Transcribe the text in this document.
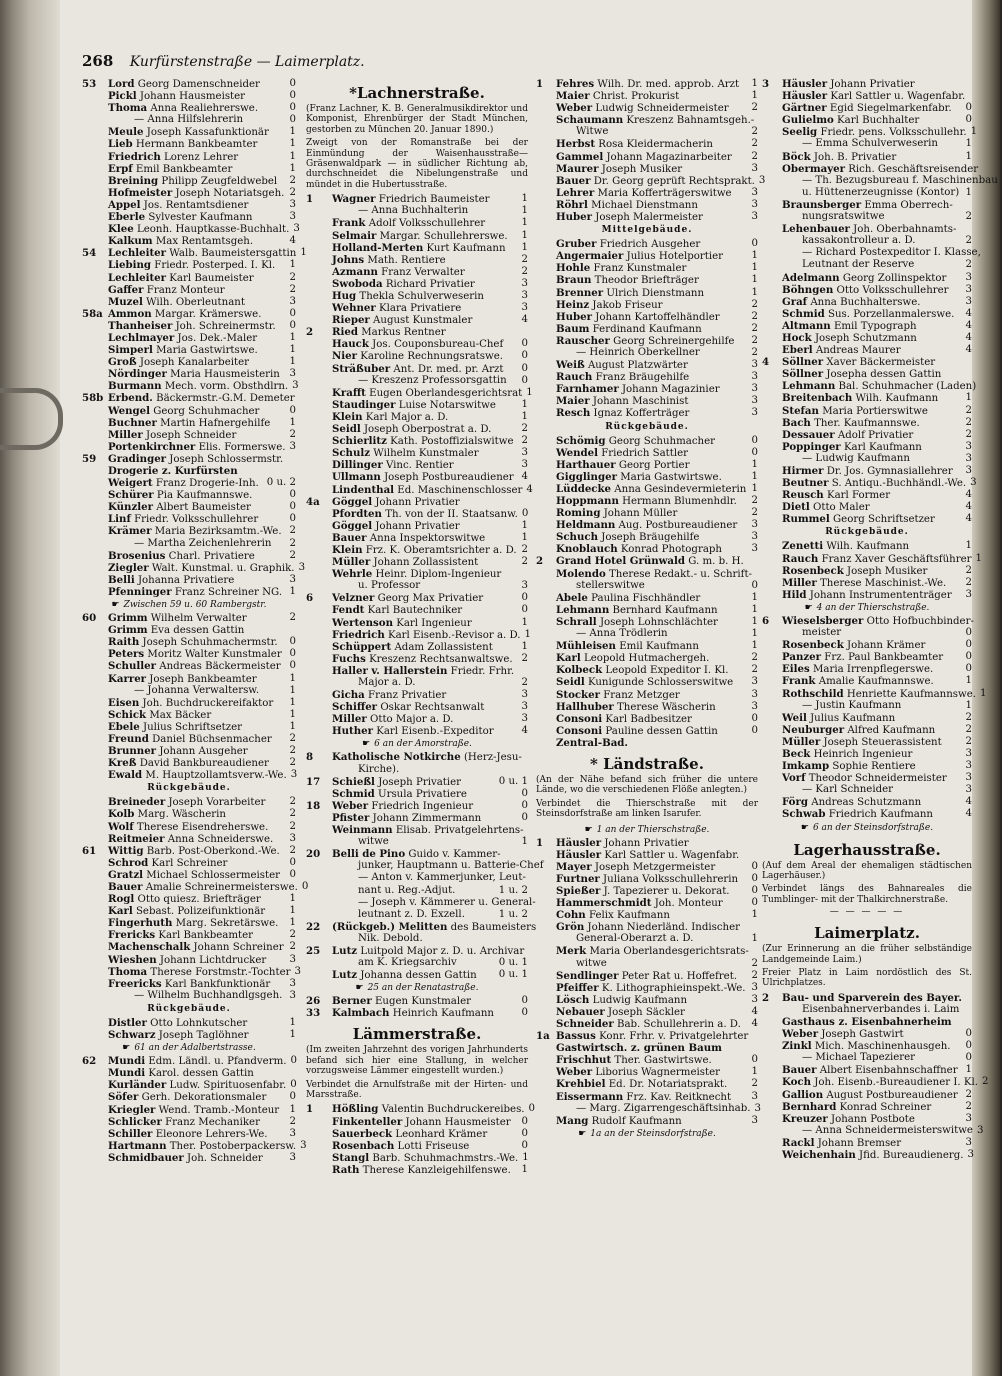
268 Kurfürstenstraße — Laimerplatz.
53	Lord Georg Damenschneider	0
Pickl Johann Hausmeister	0
Thoma Anna Realiehrerswe.	0
— Anna Hilfslehrerin	0
Meule Joseph Kassafunktionär	1
Lieb Hermann Bankbeamter	1
Friedrich Lorenz Lehrer	1
Erpf Emil Bankbeamter	1
Breining Philipp Zeugfeldwebel	2
Hofmeister Joseph Notariatsgeh. 2
Appel Jos. Rentamtsdiener	3
Eberle Sylvester Kaufmann	3
Klee Leonh. Hauptkasse-Buchhalt. 3
Kalkum Max Rentamtsgeh.	4
54	Lechleiter Walb. Baumeistersgattin 1
Liebing Friedr. Posterped. I. Kl.	1
Lechleiter Karl Baumeister	2
Gaffer Franz Monteur	2
Muzel Wilh. Oberleutnant	3
58a Ammon Margar. Krämerswe.	0
Thanheiser Joh. Schreinermstr.	0
Lechlmayer Jos. Dek.-Maler	1
Simperl Maria Gastwirtswe.	1
Groß Joseph Kanalarbeiter	1
Nördinger Maria Hausmeisterin 3
Burmann Mech. vorm. Obsthdlrn. 3
58b Erbend. Bäckermstr.-G.M. Demeter
Wengel Georg Schuhmacher	0
Buchner Martin Hafnergehilfe	1
Miller Joseph Schneider	2
Portenkirchner Elis. Formerswe. 3
59	Gradinger Joseph Schlossermstr.
Drogerie z. Kurfürsten
Weigert Franz Drogerie-Inh. 0 u. 2
Schürer Pia Kaufmannswe.	0
Künzler Albert Baumeister	0
Linf Friedr. Volksschullehrer	0
Krämer Maria Bezirksamtm.-We. 2
— Martha Zeichenlehrerin	2
Brosenius Charl. Privatiere	2
Ziegler Walt. Kunstmal. u. Graphik. 3
Belli Johanna Privatiere	3
Pfenninger Franz Schreiner NG. 1
☛ Zwischen 59 u. 60 Rambergstr.
60	Grimm Wilhelm Verwalter	2
Grimm Eva dessen Gattin
Raith Joseph Schuhmachermstr.	0
Peters Moritz Walter Kunstmaler 0
Schuller Andreas Bäckermeister 0
Karrer Joseph Bankbeamter	1
— Johanna Verwaltersw.	1
Eisen Joh. Buchdruckereifaktor	1
Schick Max Bäcker	1
Ebele Julius Schriftsetzer	1
Freund Daniel Büchsenmacher	2
Brunner Johann Ausgeher	2
Kreß David Bankbureaudiener	2
Ewald M. Hauptzollamtsverw.-We. 3
Rückgebäude.
Breineder Joseph Vorarbeiter	2
Kolb Marg. Wäscherin	2
Wolf Therese Eisendreherswe.	2
Reitmeier Anna Schneiderswe.	3
61	Wittig Barb. Post-Oberkond.-We. 2
Schrod Karl Schreiner	0
Gratzl Michael Schlossermeister 0
Bauer Amalie Schreinermeisterswe. 0
Rogl Otto quiesz. Briefträger	1
Karl Sebast. Polizeifunktionär	1
Fingerhuth Marg. Sekretärswe.	1
Frericks Karl Bankbeamter	2
Machenschalk Johann Schreiner 2
Wieshen Johann Lichtdrucker	3
Thoma Therese Forstmstr.-Tochter 3
Freericks Karl Bankfunktionär	3
— Wilhelm Buchhandlgsgeh. 3
Rückgebäude.
Distler Otto Lohnkutscher	1
Schwarz Joseph Taglöhner	1
☛ 61 an der Adalbertstrasse.
62	Mundi Edm. Ländl. u. Pfandverm. 0
Mundi Karol. dessen Gattin
Kurländer Ludw. Spirituosenfabr. 0
Söfer Gerh. Dekorationsmaler	0
Kriegler Wend. Tramb.-Monteur	1
Schlicker Franz Mechaniker	2
Schiller Eleonore Lehrers-We.	3
Hartmann Ther. Postoberpackersw. 3
Schmidbauer Joh. Schneider	3
*Lachnerstraße.
(Franz Lachner, K. B. Generalmusikdirektor und Komponist, Ehrenbürger der Stadt München, gestorben zu München 20. Januar 1890.)
Zweigt von der Romanstraße bei der Einmündung der Waisenhausstraße—Gräsenwaldpark — in südlicher Richtung ab, durchschneidet die Nibelungenstraße und mündet in die Hubertusstraße.
1	Wagner Friedrich Baumeister	1
— Anna Buchhalterin	1
Frank Adolf Volksschullehrer	1
Selmair Margar. Schullehrerswe.	1
Holland-Merten Kurt Kaufmann	1
Johns Math. Rentiere	2
Azmann Franz Verwalter	2
Swoboda Richard Privatier	3
Hug Thekla Schulverweserin	3
Wehner Klara Privatiere	3
Rieper August Kunstmaler	4
2	Ried Markus Rentner
Hauck Jos. Couponsbureau-Chef	0
Nier Karoline Rechnungsratswe.	0
Sträßuber Ant. Dr. med. pr. Arzt	0
— Kreszenz Professorsgattin	0
Krafft Eugen Oberlandesgerichtsrat 1
Staudinger Luise Notarswitwe	1
Klein Karl Major a. D.	1
Seidl Joseph Oberpostrat a. D.	2
Schierlitz Kath. Postoffizialswitwe 2
Schulz Wilhelm Kunstmaler	3
Dillinger Vinc. Rentier	3
Ullmann Joseph Postbureaudiener 4
Lindenthal Ed. Maschinenschlosser 4
4a	Göggel Johann Privatier
Pfordten Th. von der II. Staatsanw. 0
Göggel Johann Privatier	1
Bauer Anna Inspektorswitwe	1
Klein Frz. K. Oberamtsrichter a. D. 2
Müller Johann Zollassistent	2
Wehrle Heinr. Diplom-Ingenieur
u. Professor	3
6	Velzner Georg Max Privatier	0
Fendt Karl Bautechniker	0
Wertenson Karl Ingenieur	1
Friedrich Karl Eisenb.-Revisor a. D. 1
Schüppert Adam Zollassistent	1
Fuchs Kreszenz Rechtsanwaltswe. 2
Haller v. Hallerstein Friedr. Frhr.
Major a. D.	2
Gicha Franz Privatier	3
Schiffer Oskar Rechtsanwalt	3
Miller Otto Major a. D.	3
Huther Karl Eisenb.-Expeditor	4
☛ 6 an der Amorstraße.
8	Katholische Notkirche (Herz-Jesu-
Kirche).
17	Schießl Joseph Privatier	0 u. 1
Schmid Ursula Privatiere	0
18	Weber Friedrich Ingenieur	0
Pfister Johann Zimmermann	0
Weinmann Elisab. Privatgelehrtens-
witwe	1
20	Belli de Pino Guido v. Kammer-
junker, Hauptmann u. Batterie-Chef
— Anton v. Kammerjunker, Leut-
nant u. Reg.-Adjut.	1 u. 2
— Joseph v. Kämmerer u. General-
leutnant z. D. Exzell.	1 u. 2
22	(Rückgeb.) Melitten des Baumeisters
Nik. Debold.
25	Lutz Luitpold Major z. D. u. Archivar
am K. Kriegsarchiv	0 u. 1
Lutz Johanna dessen Gattin	0 u. 1
☛ 25 an der Renatastraße.
26	Berner Eugen Kunstmaler	0
33	Kalmbach Heinrich Kaufmann	0
Lämmerstraße.
(Im zweiten Jahrzehnt des vorigen Jahrhunderts befand sich hier eine Stallung, in welcher vorzugsweise Lämmer eingestellt wurden.)
Verbindet die Arnulfstraße mit der Hirten- und Marsstraße.
1	Hößling Valentin Buchdruckereibes. 0
Finkenteller Johann Hausmeister	0
Sauerbeck Leonhard Krämer	0
Rosenbach Lotti Friseuse	0
Stangl Barb. Schuhmachmstrs.-We. 1
Rath Therese Kanzleigehilfenswe.	1
1	Fehres Wilh. Dr. med. approb. Arzt	1
Maier Christ. Prokurist	1
Weber Ludwig Schneidermeister	2
Schaumann Kreszenz Bahnamtsgeh.-
Witwe	2
Herbst Rosa Kleidermacherin	2
Gammel Johann Magazinarbeiter	2
Maurer Joseph Musiker	3
Bauer Dr. Georg geprüft Rechtsprakt. 3
Lehrer Maria Kofferträgerswitwe	3
Röhrl Michael Dienstmann	3
Huber Joseph Malermeister	3
Mittelgebäude.
Gruber Friedrich Ausgeher	0
Angermaier Julius Hotelportier	1
Hohle Franz Kunstmaler	1
Braun Theodor Briefträger	1
Brenner Ulrich Dienstmann	1
Heinz Jakob Friseur	2
Huber Johann Kartoffelhändler	2
Baum Ferdinand Kaufmann	2
Rauscher Georg Schreinergehilfe	2
— Heinrich Oberkellner	2
Weiß August Platzwärter	3
Rauch Franz Bräugehilfe	3
Farnhamer Johann Magazinier	3
Maier Johann Maschinist	3
Resch Ignaz Kofferträger	3
Rückgebäude.
Schömig Georg Schuhmacher	0
Wendel Friedrich Sattler	0
Harthauer Georg Portier	1
Gigglinger Maria Gastwirtswe.	1
Lüddecke Anna Gesindevermieterin 1
Hoppmann Hermann Blumenhdlr.	2
Roming Johann Müller	2
Heldmann Aug. Postbureaudiener	3
Schuch Joseph Bräugehilfe	3
Knoblauch Konrad Photograph	3
2	Grand Hotel Grünwald G. m. b. H.
Molendo Therese Redakt.- u. Schrift-
stellerswitwe	0
Abele Paulina Fischhändler	1
Lehmann Bernhard Kaufmann	1
Schrall Joseph Lohnschlächter	1
— Anna Trödlerin	1
Mühleisen Emil Kaufmann	1
Karl Leopold Hutmachergeh.	2
Kolbeck Leopold Expeditor I. Kl.	2
Seidl Kunigunde Schlosserswitwe	3
Stocker Franz Metzger	3
Hallhuber Therese Wäscherin	3
Consoni Karl Badbesitzer	0
Consoni Pauline dessen Gattin	0
Zentral-Bad.
* Ländstraße.
(An der Nähe befand sich früher die untere Lände, wo die verschiedenen Flöße anlegten.)
Verbindet die Thierschstraße mit der Steinsdorfstraße am linken Isarufer.
☛ 1 an der Thierschstraße.
1	Häusler Johann Privatier
Häusler Karl Sattler u. Wagenfabr.
Mayer Joseph Metzgermeister	0
Furtner Juliana Volksschullehrerin	0
Spießer J. Tapezierer u. Dekorat.	0
Hammerschmidt Joh. Monteur	0
Cohn Felix Kaufmann	1
Grön Johann Niederländ. Indischer
General-Oberarzt a. D.	1
Merk Maria Oberlandesgerichtsrats-
witwe	2
Sendlinger Peter Rat u. Hoffefret.	2
Pfeiffer K. Lithographieinspekt.-We. 3
Lösch Ludwig Kaufmann	3
Nebauer Joseph Säckler	4
Schneider Bab. Schullehrerin a. D.	4
1a Bassus Konr. Frhr. v. Privatgelehrter
Gastwirtsch. z. grünen Baum
Frischhut Ther. Gastwirtswe.	0
Weber Liborius Wagnermeister	1
Krehbiel Ed. Dr. Notariatsprakt.	2
Eissermann Frz. Kav. Reitknecht	3
— Marg. Zigarrengeschäftsinhab. 3
Mang Rudolf Kaufmann	3
☛ 1a an der Steinsdorfstraße.
3	Häusler Johann Privatier
Häusler Karl Sattler u. Wagenfabr.
Gärtner Egid Siegelmarkenfabr.	0
Gulielmo Karl Buchhalter	0
Seelig Friedr. pens. Volksschullehr. 1
— Emma Schulverweserin	1
Böck Joh. B. Privatier	1
Obermayer Rich. Geschäftsreisender
— Th. Bezugsbureau f. Maschinenbau
u. Hüttenerzeugnisse (Kontor) 1
Braunsberger Emma Oberrech-
nungsratswitwe	2
Lehenbauer Joh. Oberbahnamts-
kassakontrolleur a. D.	2
— Richard Postexpeditor I. Klasse,
Leutnant der Reserve	2
Adelmann Georg Zollinspektor	3
Böhngen Otto Volksschullehrer	3
Graf Anna Buchhalterswe.	3
Schmid Sus. Porzellanmalerswe.	4
Altmann Emil Typograph	4
Hock Joseph Schutzmann	4
Eberl Andreas Maurer	4
4	Söllner Xaver Bäckermeister
Söllner Josepha dessen Gattin
Lehmann Bal. Schuhmacher (Laden)
Breitenbach Wilh. Kaufmann	1
Stefan Maria Portierswitwe	2
Bach Ther. Kaufmannswe.	2
Dessauer Adolf Privatier	2
Poppinger Karl Kaufmann	3
— Ludwig Kaufmann	3
Hirmer Dr. Jos. Gymnasiallehrer	3
Beutner S. Antiqu.-Buchhändl.-We. 3
Reusch Karl Former	4
Dietl Otto Maler	4
Rummel Georg Schriftsetzer	4
Rückgebäude.
Zenetti Wilh. Kaufmann	1
Rauch Franz Xaver Geschäftsführer 1
Rosenbeck Joseph Musiker	2
Miller Therese Maschinist.-We.	2
Hild Johann Instrumententräger	3
☛ 4 an der Thierschstraße.
6	Wieselsberger Otto Hofbuchbinder-
meister	0
Rosenbeck Johann Krämer	0
Panzer Frz. Paul Bankbeamter	0
Eiles Maria Irrenpflegerswe.	0
Frank Amalie Kaufmannswe.	1
Rothschild Henriette Kaufmannswe. 1
— Justin Kaufmann	1
Weil Julius Kaufmann	2
Neuburger Alfred Kaufmann	2
Müller Joseph Steuerassistent	2
Beck Heinrich Ingenieur	3
Imkamp Sophie Rentiere	3
Vorf Theodor Schneidermeister	3
— Karl Schneider	3
Förg Andreas Schutzmann	4
Schwab Friedrich Kaufmann	4
☛ 6 an der Steinsdorfstraße.
Lagerhausstraße.
(Auf dem Areal der ehemaligen städtischen Lagerhäuser.)
Verbindet längs des Bahnareales die Tumblinger- mit der Thalkirchnerstraße.
— — — — —
Laimerplatz.
(Zur Erinnerung an die früher selbständige Landgemeinde Laim.)
Freier Platz in Laim nordöstlich des St. Ulrichplatzes.
2	Bau- und Sparverein des Bayer.
Eisenbahnerverbandes i. Laim
Gasthaus z. Eisenbahnerheim
Weber Joseph Gastwirt	0
Zinkl Mich. Maschinenhausgeh.	0
— Michael Tapezierer	0
Bauer Albert Eisenbahnschaffner 1
Koch Joh. Eisenb.-Bureaudiener I. Kl. 2
Gallion August Postbureaudiener 2
Bernhard Konrad Schreiner	2
Kreuzer Johann Postbote	3
— Anna Schneidermeisterswitwe 3
Rackl Johann Bremser	3
Weichenhain Jfid. Bureaudienerg. 3
